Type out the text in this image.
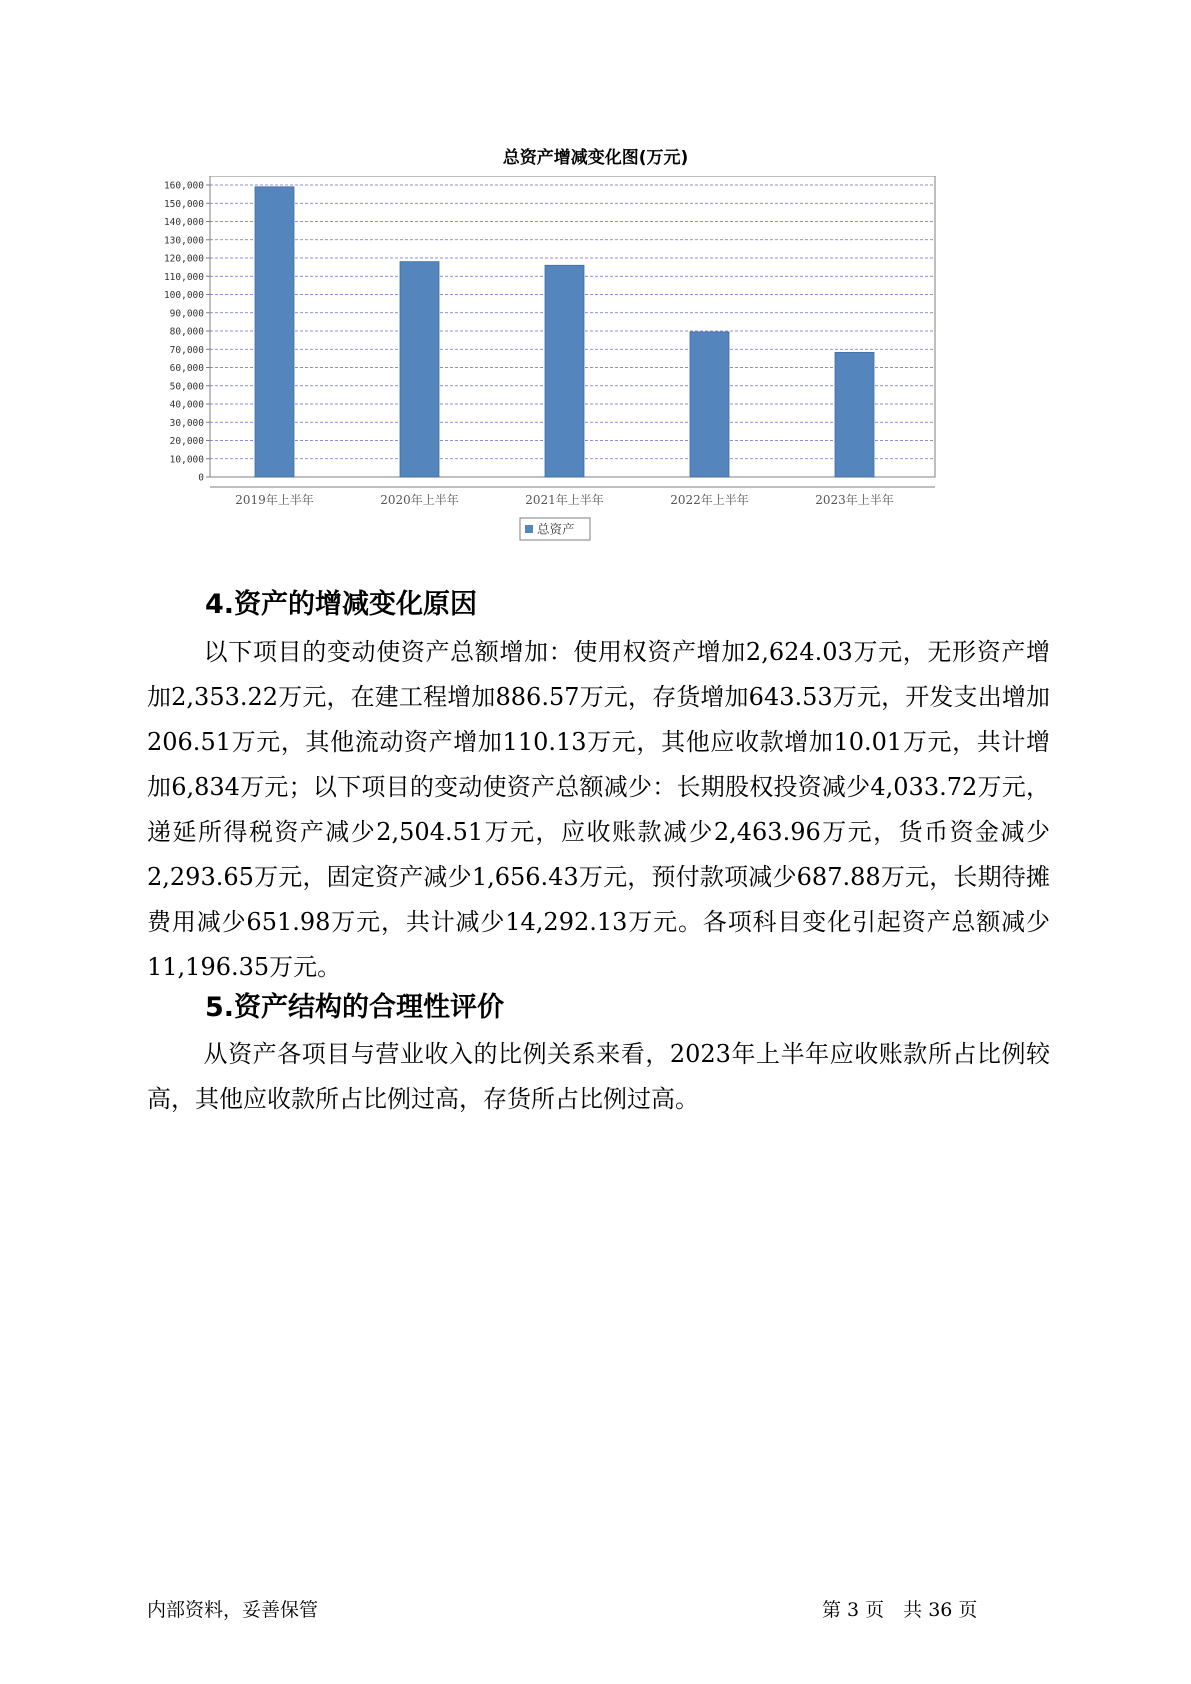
总资产增减变化图(万元)
0
10,000
20,000
30,000
40,000
50,000
60,000
70,000
80,000
90,000
100,000
110,000
120,000
130,000
140,000
150,000
160,000
2019年上半年	2020年上半年	2021年上半年	2022年上半年	2023年上半年
总资产
4.资产的增减变化原因

以下项目的变动使资产总额增加：使用权资产增加2,624.03万元，无形资产增加2,353.22万元，在建工程增加886.57万元，存货增加643.53万元，开发支出增加206.51万元，其他流动资产增加110.13万元，其他应收款增加10.01万元，共计增加6,834万元；以下项目的变动使资产总额减少：长期股权投资减少4,033.72万元，递延所得税资产减少2,504.51万元，应收账款减少2,463.96万元，货币资金减少2,293.65万元，固定资产减少1,656.43万元，预付款项减少687.88万元，长期待摊费用减少651.98万元，共计减少14,292.13万元。各项科目变化引起资产总额减少11,196.35万元。

5.资产结构的合理性评价

从资产各项目与营业收入的比例关系来看，2023年上半年应收账款所占比例较高，其他应收款所占比例过高，存货所占比例过高。

内部资料，妥善保管	第 3 页　共 36 页
